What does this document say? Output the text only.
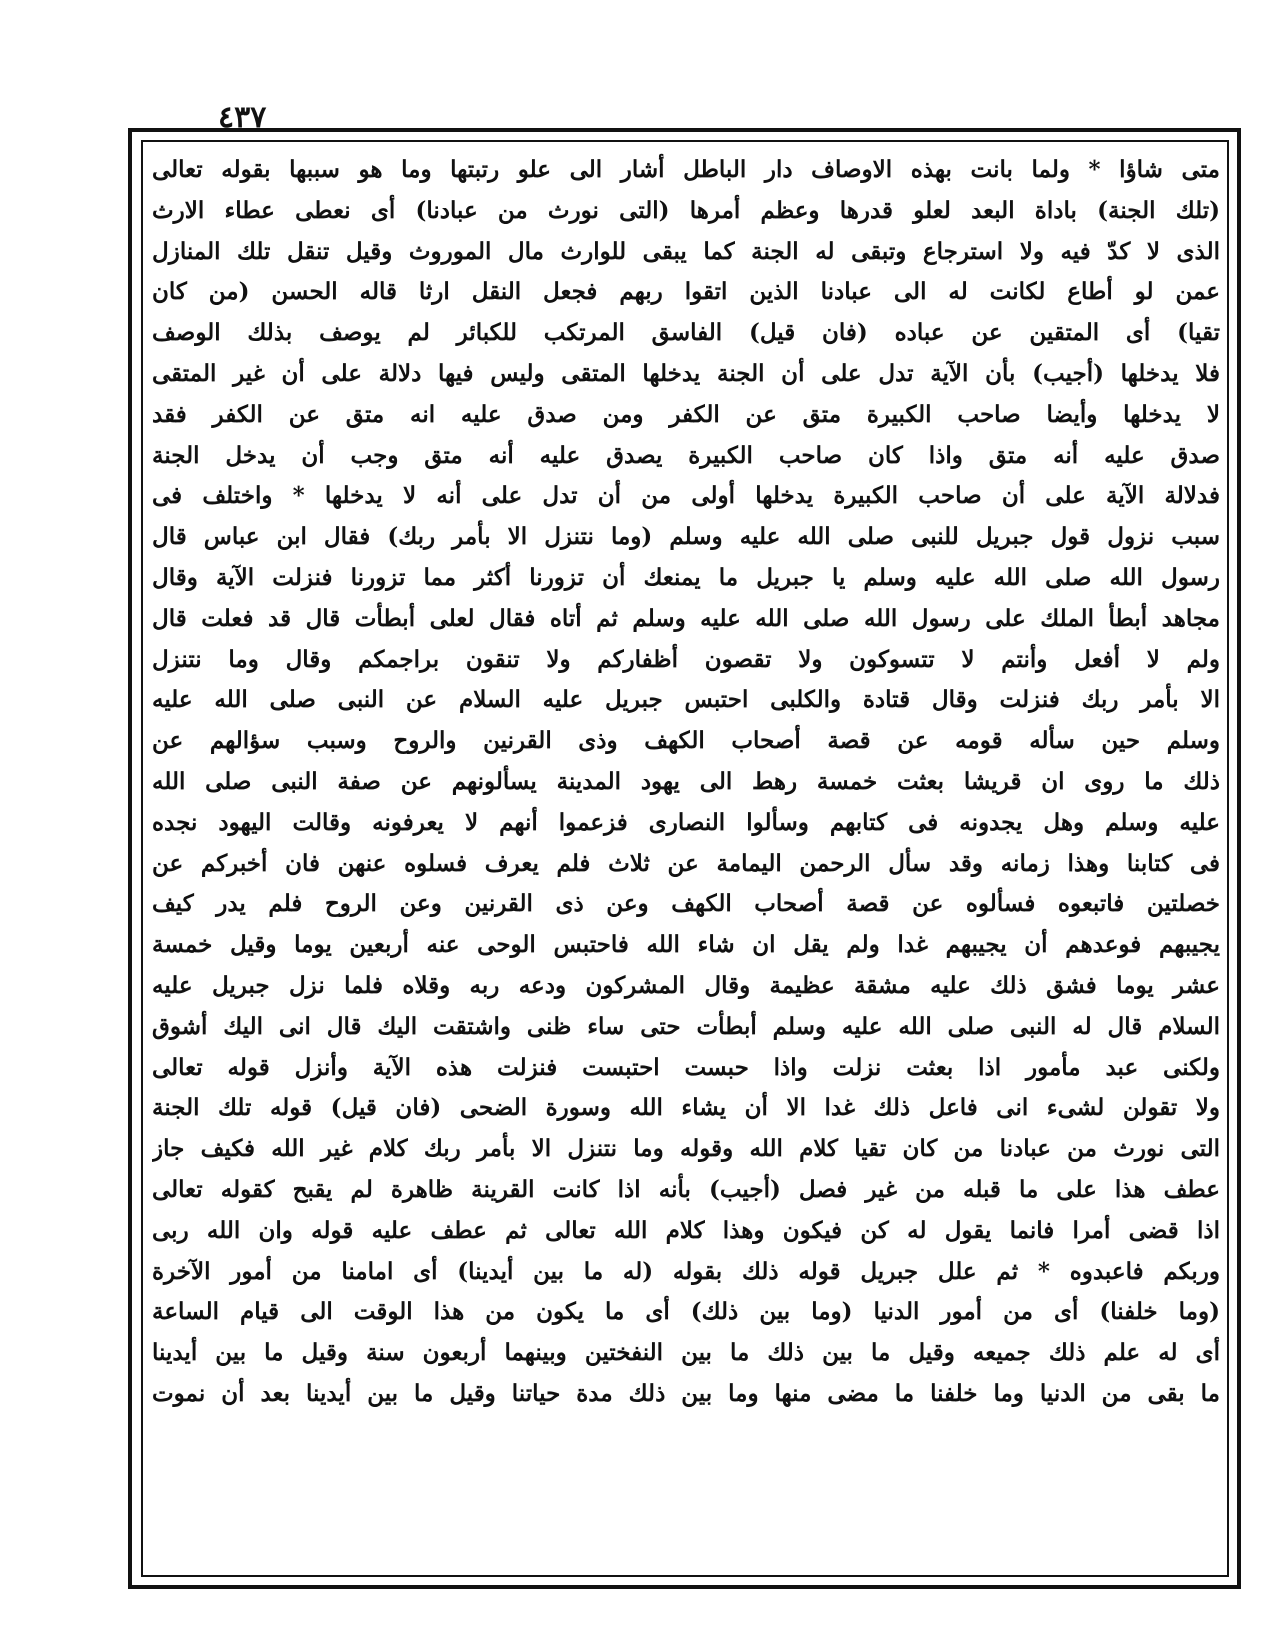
٤٣٧
متى شاؤا * ولما بانت بهذه الاوصاف دار الباطل أشار الى علو رتبتها وما هو سببها بقوله تعالى
(تلك الجنة) باداة البعد لعلو قدرها وعظم أمرها (التى نورث من عبادنا) أى نعطى عطاء الارث
الذى لا كدّ فيه ولا استرجاع وتبقى له الجنة كما يبقى للوارث مال الموروث وقيل تنقل تلك المنازل
عمن لو أطاع لكانت له الى عبادنا الذين اتقوا ربهم فجعل النقل ارثا قاله الحسن (من كان
تقيا) أى المتقين عن عباده (فان قيل) الفاسق المرتكب للكبائر لم يوصف بذلك الوصف
فلا يدخلها (أجيب) بأن الآية تدل على أن الجنة يدخلها المتقى وليس فيها دلالة على أن غير المتقى
لا يدخلها وأيضا صاحب الكبيرة متق عن الكفر ومن صدق عليه انه متق عن الكفر فقد
صدق عليه أنه متق واذا كان صاحب الكبيرة يصدق عليه أنه متق وجب أن يدخل الجنة
فدلالة الآية على أن صاحب الكبيرة يدخلها أولى من أن تدل على أنه لا يدخلها * واختلف فى
سبب نزول قول جبريل للنبى صلى الله عليه وسلم (وما نتنزل الا بأمر ربك) فقال ابن عباس قال
رسول الله صلى الله عليه وسلم يا جبريل ما يمنعك أن تزورنا أكثر مما تزورنا فنزلت الآية وقال
مجاهد أبطأ الملك على رسول الله صلى الله عليه وسلم ثم أتاه فقال لعلى أبطأت قال قد فعلت قال
ولم لا أفعل وأنتم لا تتسوكون ولا تقصون أظفاركم ولا تنقون براجمكم وقال وما نتنزل
الا بأمر ربك فنزلت وقال قتادة والكلبى احتبس جبريل عليه السلام عن النبى صلى الله عليه
وسلم حين سأله قومه عن قصة أصحاب الكهف وذى القرنين والروح وسبب سؤالهم عن
ذلك ما روى ان قريشا بعثت خمسة رهط الى يهود المدينة يسألونهم عن صفة النبى صلى الله
عليه وسلم وهل يجدونه فى كتابهم وسألوا النصارى فزعموا أنهم لا يعرفونه وقالت اليهود نجده
فى كتابنا وهذا زمانه وقد سأل الرحمن اليمامة عن ثلاث فلم يعرف فسلوه عنهن فان أخبركم عن
خصلتين فاتبعوه فسألوه عن قصة أصحاب الكهف وعن ذى القرنين وعن الروح فلم يدر كيف
يجيبهم فوعدهم أن يجيبهم غدا ولم يقل ان شاء الله فاحتبس الوحى عنه أربعين يوما وقيل خمسة
عشر يوما فشق ذلك عليه مشقة عظيمة وقال المشركون ودعه ربه وقلاه فلما نزل جبريل عليه
السلام قال له النبى صلى الله عليه وسلم أبطأت حتى ساء ظنى واشتقت اليك قال انى اليك أشوق
ولكنى عبد مأمور اذا بعثت نزلت واذا حبست احتبست فنزلت هذه الآية وأنزل قوله تعالى
ولا تقولن لشىء انى فاعل ذلك غدا الا أن يشاء الله وسورة الضحى (فان قيل) قوله تلك الجنة
التى نورث من عبادنا من كان تقيا كلام الله وقوله وما نتنزل الا بأمر ربك كلام غير الله فكيف جاز
عطف هذا على ما قبله من غير فصل (أجيب) بأنه اذا كانت القرينة ظاهرة لم يقبح كقوله تعالى
اذا قضى أمرا فانما يقول له كن فيكون وهذا كلام الله تعالى ثم عطف عليه قوله وان الله ربى
وربكم فاعبدوه * ثم علل جبريل قوله ذلك بقوله (له ما بين أيدينا) أى امامنا من أمور الآخرة
(وما خلفنا) أى من أمور الدنيا (وما بين ذلك) أى ما يكون من هذا الوقت الى قيام الساعة
أى له علم ذلك جميعه وقيل ما بين ذلك ما بين النفختين وبينهما أربعون سنة وقيل ما بين أيدينا
ما بقى من الدنيا وما خلفنا ما مضى منها وما بين ذلك مدة حياتنا وقيل ما بين أيدينا بعد أن نموت
